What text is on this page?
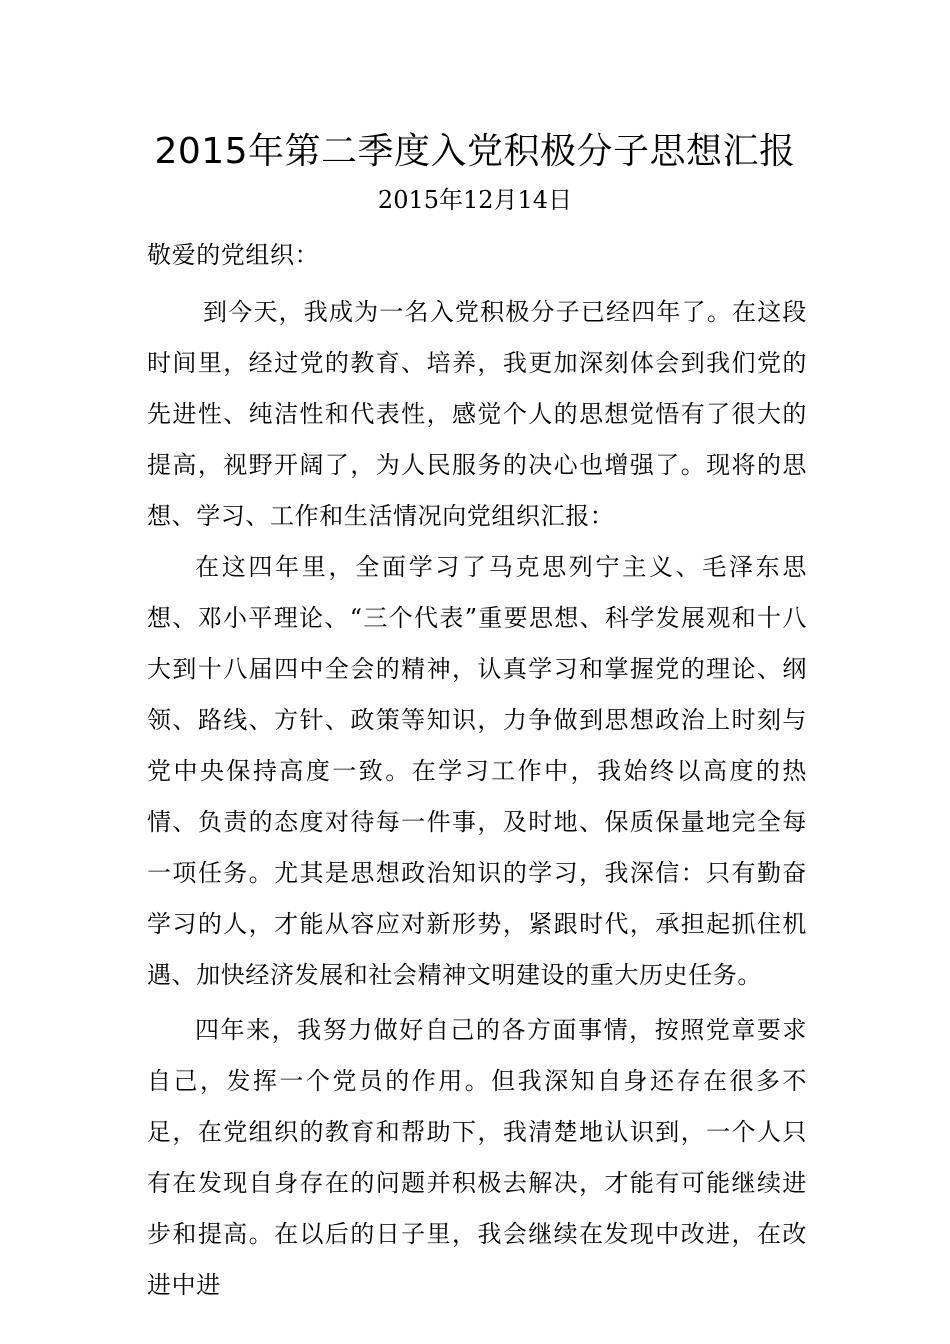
2015年第二季度入党积极分子思想汇报
2015年12月14日

敬爱的党组织：

到今天，我成为一名入党积极分子已经四年了。在这段时间里，经过党的教育、培养，我更加深刻体会到我们党的先进性、纯洁性和代表性，感觉个人的思想觉悟有了很大的提高，视野开阔了，为人民服务的决心也增强了。现将的思想、学习、工作和生活情况向党组织汇报：

在这四年里，全面学习了马克思列宁主义、毛泽东思想、邓小平理论、“三个代表”重要思想、科学发展观和十八大到十八届四中全会的精神，认真学习和掌握党的理论、纲领、路线、方针、政策等知识，力争做到思想政治上时刻与党中央保持高度一致。在学习工作中，我始终以高度的热情、负责的态度对待每一件事，及时地、保质保量地完全每一项任务。尤其是思想政治知识的学习，我深信：只有勤奋学习的人，才能从容应对新形势，紧跟时代，承担起抓住机遇、加快经济发展和社会精神文明建设的重大历史任务。

四年来，我努力做好自己的各方面事情，按照党章要求自己，发挥一个党员的作用。但我深知自身还存在很多不足，在党组织的教育和帮助下，我清楚地认识到，一个人只有在发现自身存在的问题并积极去解决，才能有可能继续进步和提高。在以后的日子里，我会继续在发现中改进，在改进中进
